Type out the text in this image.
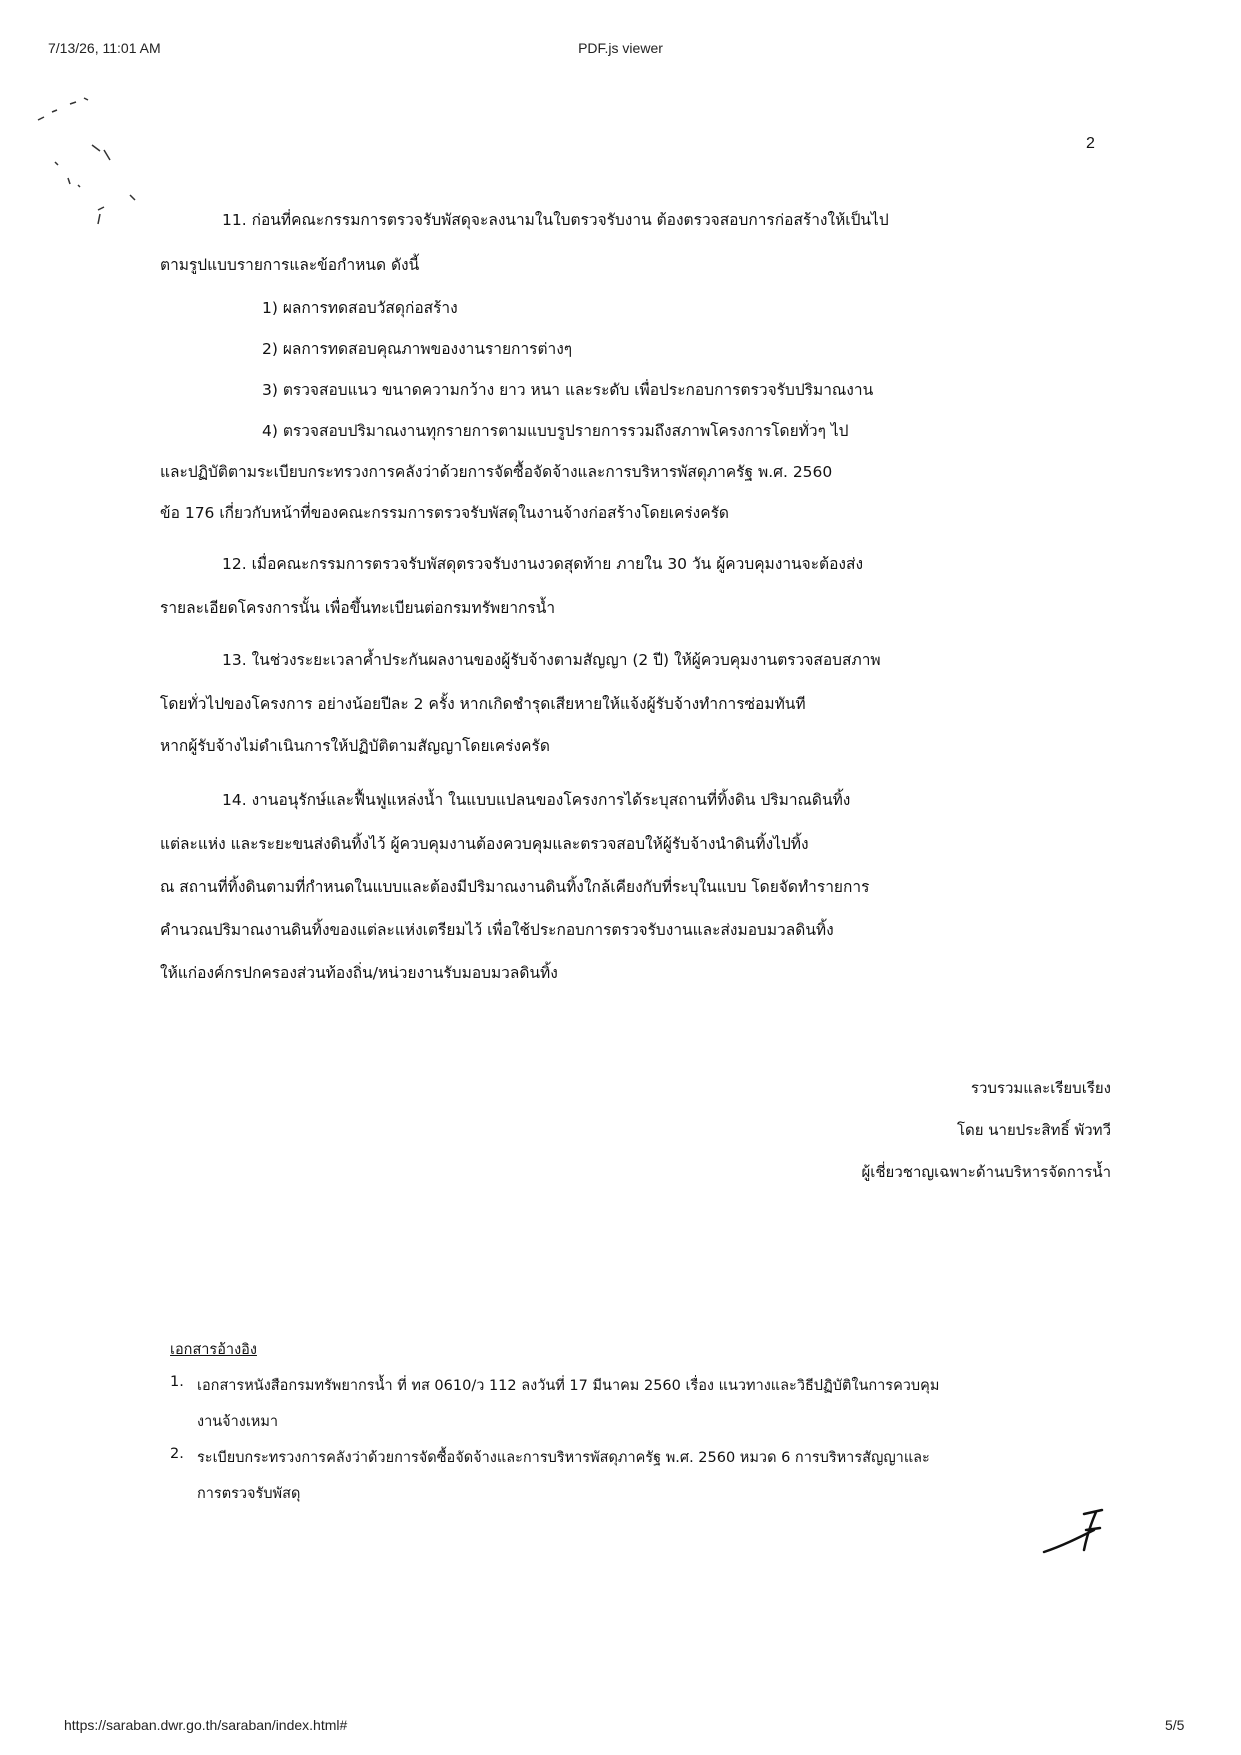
7/13/26, 11:01 AM	PDF.js viewer
2
11. ก่อนที่คณะกรรมการตรวจรับพัสดุจะลงนามในใบตรวจรับงาน ต้องตรวจสอบการก่อสร้างให้เป็นไป
ตามรูปแบบรายการและข้อกำหนด ดังนี้
1) ผลการทดสอบวัสดุก่อสร้าง
2) ผลการทดสอบคุณภาพของงานรายการต่างๆ
3) ตรวจสอบแนว ขนาดความกว้าง ยาว หนา และระดับ เพื่อประกอบการตรวจรับปริมาณงาน
4) ตรวจสอบปริมาณงานทุกรายการตามแบบรูปรายการรวมถึงสภาพโครงการโดยทั่วๆ ไป
และปฏิบัติตามระเบียบกระทรวงการคลังว่าด้วยการจัดซื้อจัดจ้างและการบริหารพัสดุภาครัฐ พ.ศ. 2560
ข้อ 176 เกี่ยวกับหน้าที่ของคณะกรรมการตรวจรับพัสดุในงานจ้างก่อสร้างโดยเคร่งครัด
12. เมื่อคณะกรรมการตรวจรับพัสดุตรวจรับงานงวดสุดท้าย ภายใน 30 วัน ผู้ควบคุมงานจะต้องส่ง
รายละเอียดโครงการนั้น เพื่อขึ้นทะเบียนต่อกรมทรัพยากรน้ำ
13. ในช่วงระยะเวลาค้ำประกันผลงานของผู้รับจ้างตามสัญญา (2 ปี) ให้ผู้ควบคุมงานตรวจสอบสภาพ
โดยทั่วไปของโครงการ อย่างน้อยปีละ 2 ครั้ง หากเกิดชำรุดเสียหายให้แจ้งผู้รับจ้างทำการซ่อมทันที
หากผู้รับจ้างไม่ดำเนินการให้ปฏิบัติตามสัญญาโดยเคร่งครัด
14. งานอนุรักษ์และฟื้นฟูแหล่งน้ำ ในแบบแปลนของโครงการได้ระบุสถานที่ทิ้งดิน ปริมาณดินทิ้ง
แต่ละแห่ง และระยะขนส่งดินทิ้งไว้ ผู้ควบคุมงานต้องควบคุมและตรวจสอบให้ผู้รับจ้างนำดินทิ้งไปทิ้ง
ณ สถานที่ทิ้งดินตามที่กำหนดในแบบและต้องมีปริมาณงานดินทิ้งใกล้เคียงกับที่ระบุในแบบ โดยจัดทำรายการ
คำนวณปริมาณงานดินทิ้งของแต่ละแห่งเตรียมไว้ เพื่อใช้ประกอบการตรวจรับงานและส่งมอบมวลดินทิ้ง
ให้แก่องค์กรปกครองส่วนท้องถิ่น/หน่วยงานรับมอบมวลดินทิ้ง
รวบรวมและเรียบเรียง
โดย นายประสิทธิ์ พัวทวี
ผู้เชี่ยวชาญเฉพาะด้านบริหารจัดการน้ำ
เอกสารอ้างอิง
1. เอกสารหนังสือกรมทรัพยากรน้ำ ที่ ทส 0610/ว 112 ลงวันที่ 17 มีนาคม 2560 เรื่อง แนวทางและวิธีปฏิบัติในการควบคุม
งานจ้างเหมา
2. ระเบียบกระทรวงการคลังว่าด้วยการจัดซื้อจัดจ้างและการบริหารพัสดุภาครัฐ พ.ศ. 2560 หมวด 6 การบริหารสัญญาและ
การตรวจรับพัสดุ
https://saraban.dwr.go.th/saraban/index.html#	5/5
